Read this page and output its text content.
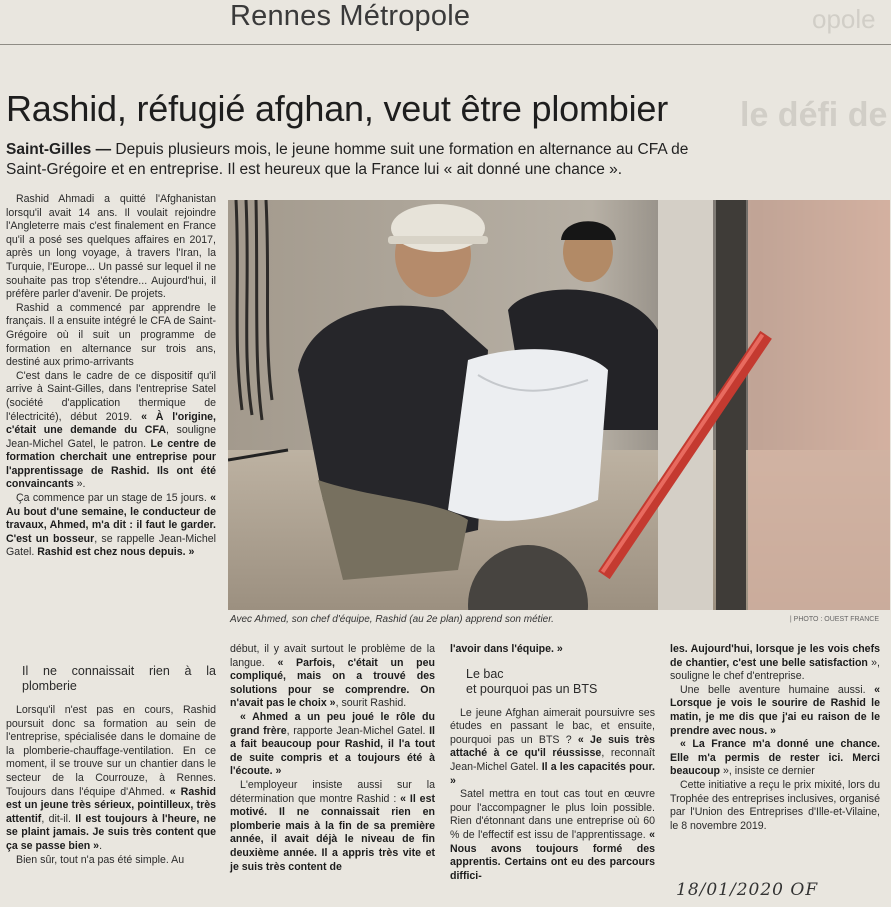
opole
le défi de
Rennes Métropole
Rashid, réfugié afghan, veut être plombier
Saint-Gilles — Depuis plusieurs mois, le jeune homme suit une formation en alternance au CFA de Saint-Grégoire et en entreprise. Il est heureux que la France lui « ait donné une chance ».

Rashid Ahmadi a quitté l'Afghanistan lorsqu'il avait 14 ans. Il voulait rejoindre l'Angleterre mais c'est finalement en France qu'il a posé ses quelques affaires en 2017, après un long voyage, à travers l'Iran, la Turquie, l'Europe... Un passé sur lequel il ne souhaite pas trop s'étendre... Aujourd'hui, il préfère parler d'avenir. De projets.

Rashid a commencé par apprendre le français. Il a ensuite intégré le CFA de Saint-Grégoire où il suit un programme de formation en alternance sur trois ans, destiné aux primo-arrivants

C'est dans le cadre de ce dispositif qu'il arrive à Saint-Gilles, dans l'entreprise Satel (société d'application thermique de l'électricité), début 2019. « À l'origine, c'était une demande du CFA, souligne Jean-Michel Gatel, le patron. Le centre de formation cherchait une entreprise pour l'apprentissage de Rashid. Ils ont été convaincants ».

Ça commence par un stage de 15 jours. « Au bout d'une semaine, le conducteur de travaux, Ahmed, m'a dit : il faut le garder. C'est un bosseur, se rappelle Jean-Michel Gatel. Rashid est chez nous depuis. »

Il ne connaissait rien à la plomberie

Lorsqu'il n'est pas en cours, Rashid poursuit donc sa formation au sein de l'entreprise, spécialisée dans le domaine de la plomberie-chauffage-ventilation. En ce moment, il se trouve sur un chantier dans le secteur de la Courrouze, à Rennes. Toujours dans l'équipe d'Ahmed. « Rashid est un jeune très sérieux, pointilleux, très attentif, dit-il. Il est toujours à l'heure, ne se plaint jamais. Je suis très content que ça se passe bien ».

Bien sûr, tout n'a pas été simple. Au

Avec Ahmed, son chef d'équipe, Rashid (au 2e plan) apprend son métier.	| PHOTO : OUEST FRANCE

début, il y avait surtout le problème de la langue. « Parfois, c'était un peu compliqué, mais on a trouvé des solutions pour se comprendre. On n'avait pas le choix », sourit Rashid.

« Ahmed a un peu joué le rôle du grand frère, rapporte Jean-Michel Gatel. Il a fait beaucoup pour Rashid, il l'a tout de suite compris et a toujours été à l'écoute. »

L'employeur insiste aussi sur la détermination que montre Rashid : « Il est motivé. Il ne connaissait rien en plomberie mais à la fin de sa première année, il avait déjà le niveau de fin deuxième année. Il a appris très vite et je suis très content de

l'avoir dans l'équipe. »

Le bac
et pourquoi pas un BTS

Le jeune Afghan aimerait poursuivre ses études en passant le bac, et ensuite, pourquoi pas un BTS ? « Je suis très attaché à ce qu'il réussisse, reconnaît Jean-Michel Gatel. Il a les capacités pour. »

Satel mettra en tout cas tout en œuvre pour l'accompagner le plus loin possible. Rien d'étonnant dans une entreprise où 60 % de l'effectif est issu de l'apprentissage. « Nous avons toujours formé des apprentis. Certains ont eu des parcours diffici-

les. Aujourd'hui, lorsque je les vois chefs de chantier, c'est une belle satisfaction », souligne le chef d'entreprise.

Une belle aventure humaine aussi. « Lorsque je vois le sourire de Rashid le matin, je me dis que j'ai eu raison de le prendre avec nous. »

« La France m'a donné une chance. Elle m'a permis de rester ici. Merci beaucoup », insiste ce dernier

Cette initiative a reçu le prix mixité, lors du Trophée des entreprises inclusives, organisé par l'Union des Entreprises d'Ille-et-Vilaine, le 8 novembre 2019.

18/01/2020 OF
